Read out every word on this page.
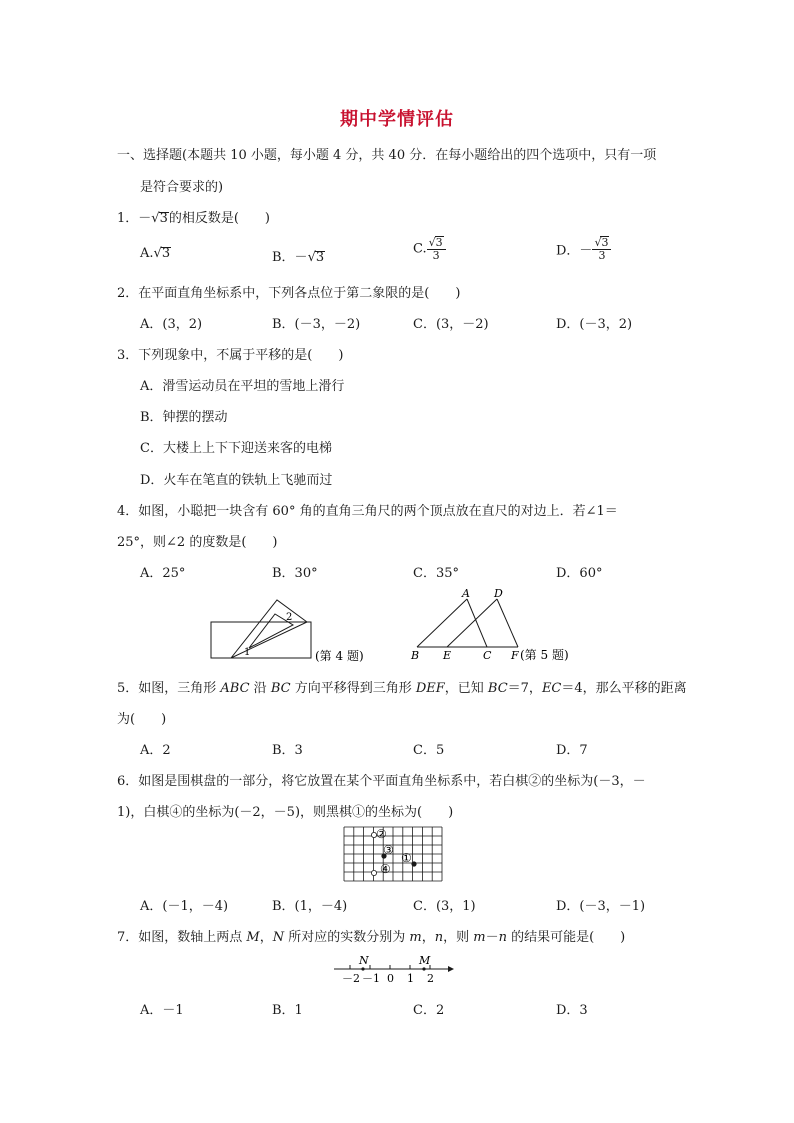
期中学情评估
一、选择题(本题共 10 小题，每小题 4 分，共 40 分．在每小题给出的四个选项中，只有一项
是符合要求的)
1．－√3的相反数是(　　)
A.√3	B．－√3
C. $\frac{√3}{3}$	D．－ $\frac{√3}{3}$
2．在平面直角坐标系中，下列各点位于第二象限的是(　　)
A．(3，2)	B．(－3，－2)	C．(3，－2)	D．(－3，2)
3．下列现象中，不属于平移的是(　　)
A．滑雪运动员在平坦的雪地上滑行
B．钟摆的摆动
C．大楼上上下下迎送来客的电梯
D．火车在笔直的铁轨上飞驰而过
4．如图，小聪把一块含有 60° 角的直角三角尺的两个顶点放在直尺的对边上．若∠1＝
25°，则∠2 的度数是(　　)
A．25°	B．30°	C．35°	D．60°
1
2
(第 4 题)
A D
B E	C F (第 5 题)
5．如图，三角形 ABC 沿 BC 方向平移得到三角形 DEF，已知 BC＝7，EC＝4，那么平移的距离
为(　　)
A．2	B．3	C．5	D．7
6．如图是围棋盘的一部分，将它放置在某个平面直角坐标系中，若白棋②的坐标为(－3，－
1)，白棋④的坐标为(－2，－5)，则黑棋①的坐标为(　　)
②
③
①
④
A．(－1，－4)	B．(1，－4)	C．(3，1)	D．(－3，－1)
7．如图，数轴上两点 M，N 所对应的实数分别为 m，n，则 m－n 的结果可能是(　　)
N	M
－2 －1 0 1 2
A．－1	B．1	C．2	D．3
